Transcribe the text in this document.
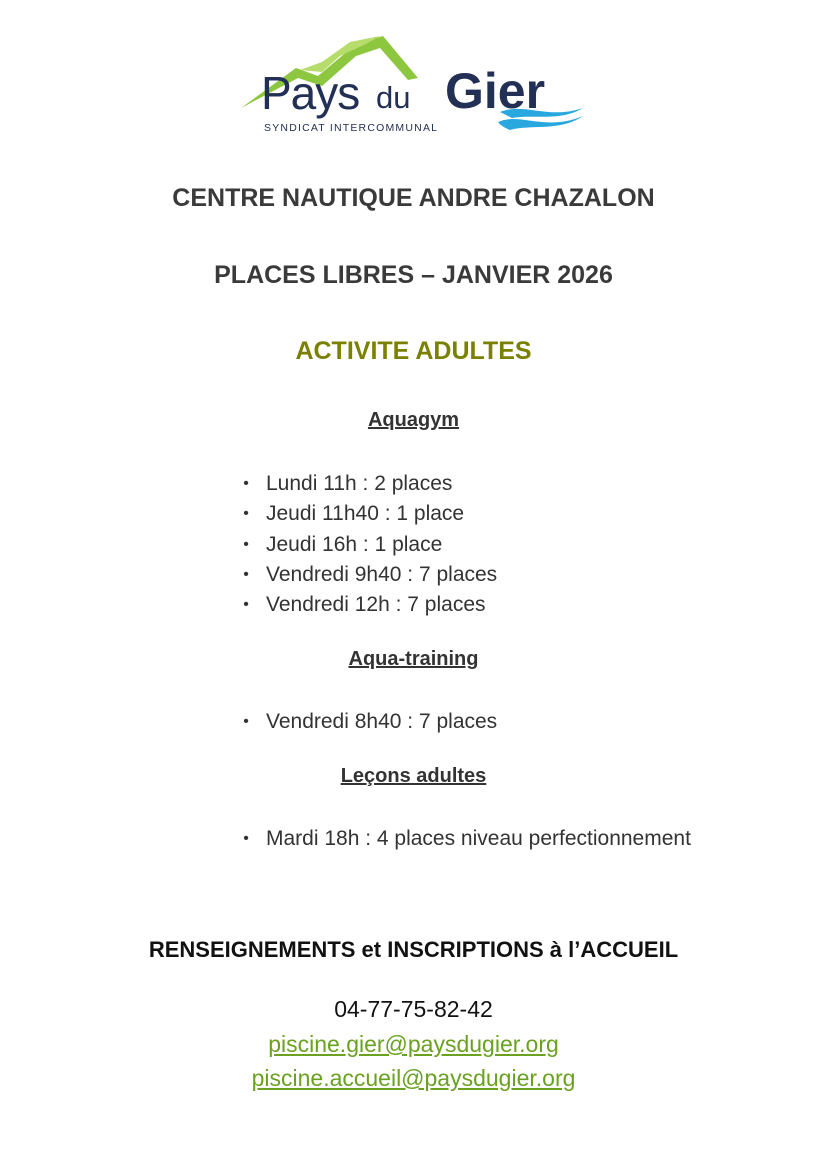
Pays du Gier
SYNDICAT INTERCOMMUNAL
CENTRE NAUTIQUE ANDRE CHAZALON
PLACES LIBRES – JANVIER 2026
ACTIVITE ADULTES
Aquagym
• Lundi 11h : 2 places
• Jeudi 11h40 : 1 place
• Jeudi 16h : 1 place
• Vendredi 9h40 : 7 places
• Vendredi 12h : 7 places
Aqua-training
• Vendredi 8h40 : 7 places
Leçons adultes
• Mardi 18h : 4 places niveau perfectionnement
RENSEIGNEMENTS et INSCRIPTIONS à l’ACCUEIL
04-77-75-82-42
piscine.gier@paysdugier.org
piscine.accueil@paysdugier.org
